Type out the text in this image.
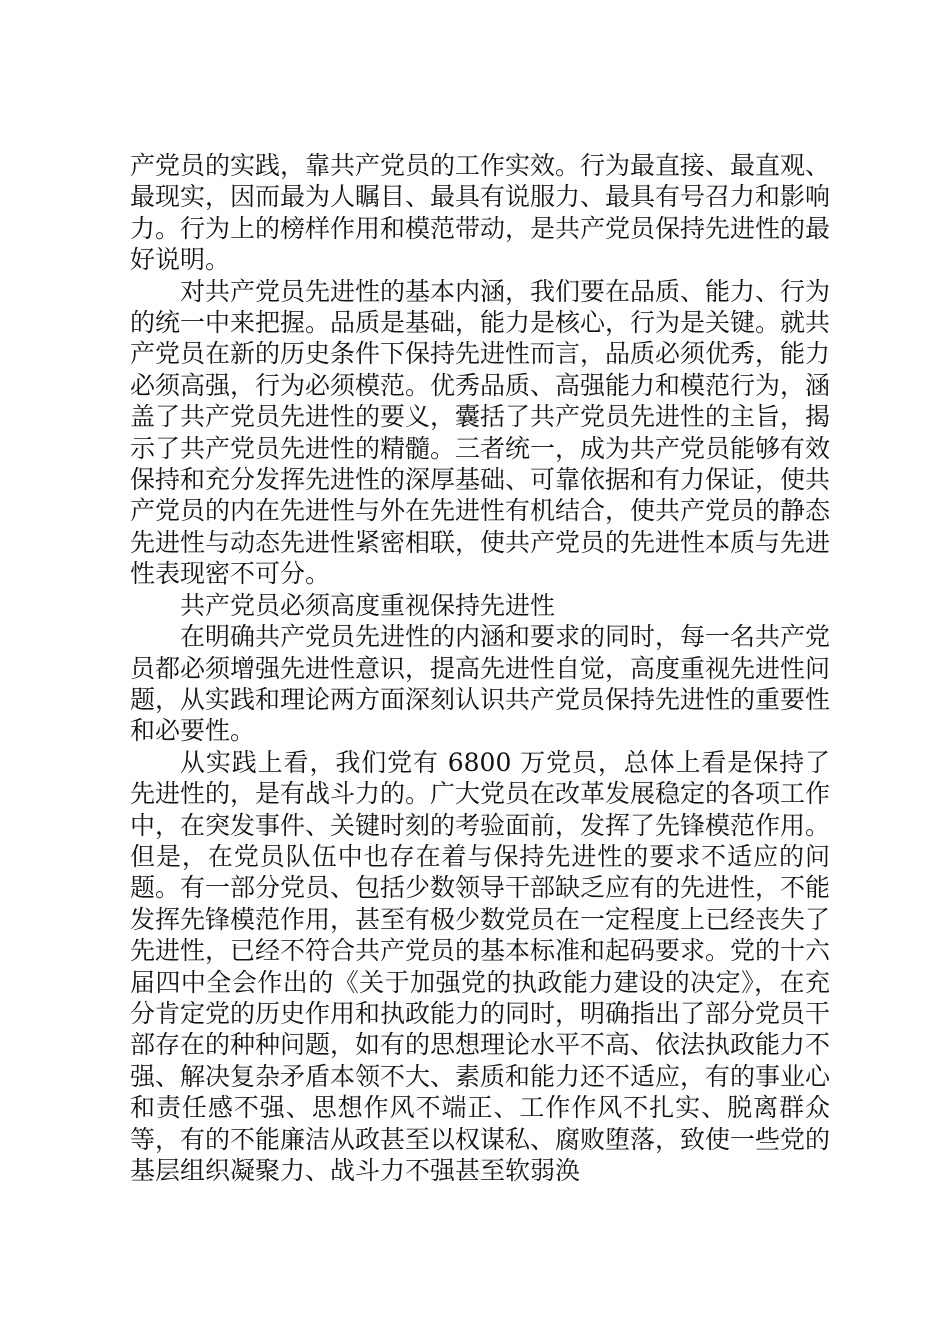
产党员的实践，靠共产党员的工作实效。行为最直接、最直观、最现实，因而最为人瞩目、最具有说服力、最具有号召力和影响力。行为上的榜样作用和模范带动，是共产党员保持先进性的最好说明。

对共产党员先进性的基本内涵，我们要在品质、能力、行为的统一中来把握。品质是基础，能力是核心，行为是关键。就共产党员在新的历史条件下保持先进性而言，品质必须优秀，能力必须高强，行为必须模范。优秀品质、高强能力和模范行为，涵盖了共产党员先进性的要义，囊括了共产党员先进性的主旨，揭示了共产党员先进性的精髓。三者统一，成为共产党员能够有效保持和充分发挥先进性的深厚基础、可靠依据和有力保证，使共产党员的内在先进性与外在先进性有机结合，使共产党员的静态先进性与动态先进性紧密相联，使共产党员的先进性本质与先进性表现密不可分。

共产党员必须高度重视保持先进性

在明确共产党员先进性的内涵和要求的同时，每一名共产党员都必须增强先进性意识，提高先进性自觉，高度重视先进性问题，从实践和理论两方面深刻认识共产党员保持先进性的重要性和必要性。

从实践上看，我们党有 6800 万党员，总体上看是保持了先进性的，是有战斗力的。广大党员在改革发展稳定的各项工作中，在突发事件、关键时刻的考验面前，发挥了先锋模范作用。但是，在党员队伍中也存在着与保持先进性的要求不适应的问题。有一部分党员、包括少数领导干部缺乏应有的先进性，不能发挥先锋模范作用，甚至有极少数党员在一定程度上已经丧失了先进性，已经不符合共产党员的基本标准和起码要求。党的十六届四中全会作出的《关于加强党的执政能力建设的决定》，在充分肯定党的历史作用和执政能力的同时，明确指出了部分党员干部存在的种种问题，如有的思想理论水平不高、依法执政能力不强、解决复杂矛盾本领不大、素质和能力还不适应，有的事业心和责任感不强、思想作风不端正、工作作风不扎实、脱离群众等，有的不能廉洁从政甚至以权谋私、腐败堕落，致使一些党的基层组织凝聚力、战斗力不强甚至软弱涣
